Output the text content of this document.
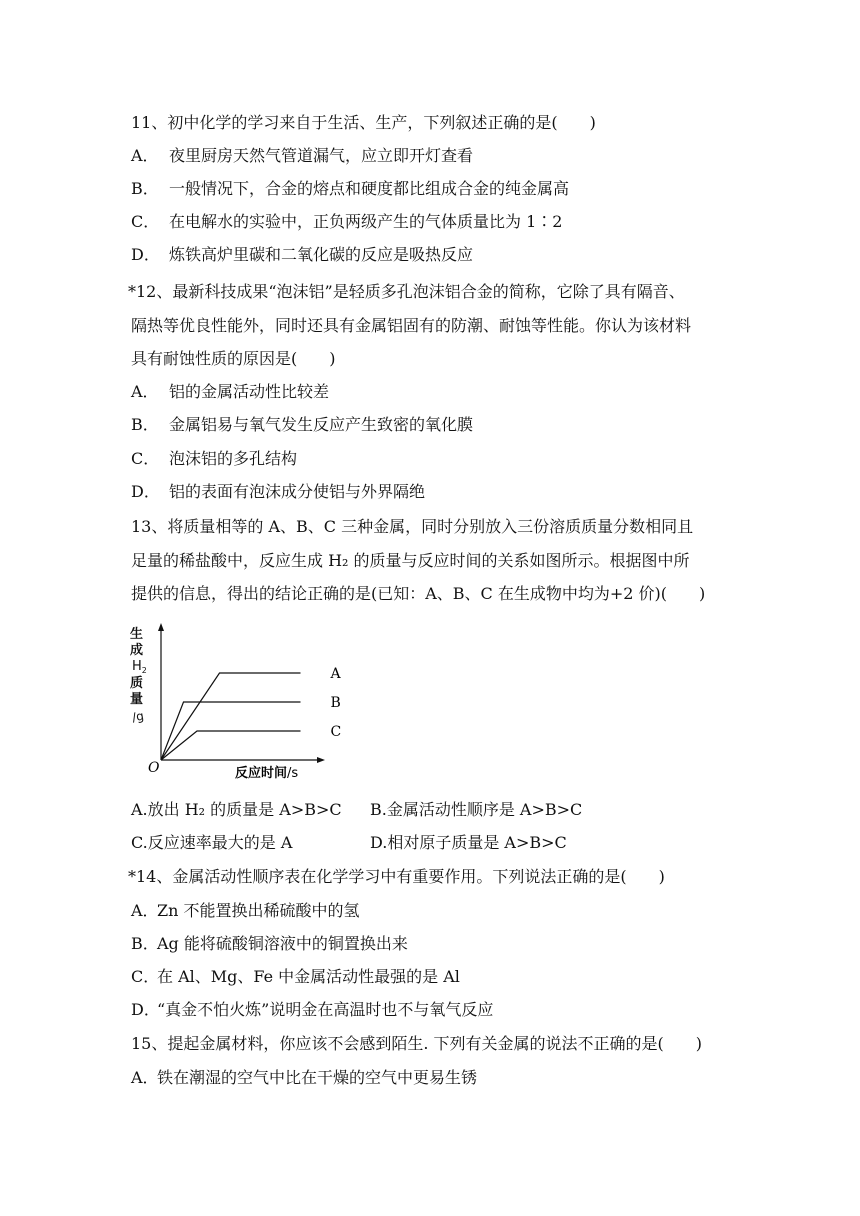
11、初中化学的学习来自于生活、生产，下列叙述正确的是(　　)
A． 夜里厨房天然气管道漏气，应立即开灯查看
B． 一般情况下，合金的熔点和硬度都比组成合金的纯金属高
C． 在电解水的实验中，正负两级产生的气体质量比为 1∶2
D． 炼铁高炉里碳和二氧化碳的反应是吸热反应
*12、最新科技成果“泡沫铝”是轻质多孔泡沫铝合金的简称，它除了具有隔音、
隔热等优良性能外，同时还具有金属铝固有的防潮、耐蚀等性能。你认为该材料
具有耐蚀性质的原因是(　　)
A． 铝的金属活动性比较差
B． 金属铝易与氧气发生反应产生致密的氧化膜
C． 泡沫铝的多孔结构
D． 铝的表面有泡沫成分使铝与外界隔绝
13、将质量相等的 A、B、C 三种金属，同时分别放入三份溶质质量分数相同且
足量的稀盐酸中，反应生成 H₂ 的质量与反应时间的关系如图所示。根据图中所
提供的信息，得出的结论正确的是(已知：A、B、C 在生成物中均为+2 价)(　　)
生
成
$H_2$
质
量
/g
O
A
B
C
反应时间/s
A.放出 H₂ 的质量是 A>B>C B.金属活动性顺序是 A>B>C
C.反应速率最大的是 A	D.相对原子质量是 A>B>C
*14、金属活动性顺序表在化学学习中有重要作用。下列说法正确的是(　　)
A．Zn 不能置换出稀硫酸中的氢
B．Ag 能将硫酸铜溶液中的铜置换出来
C．在 Al、Mg、Fe 中金属活动性最强的是 Al
D．“真金不怕火炼”说明金在高温时也不与氧气反应
15、提起金属材料，你应该不会感到陌生. 下列有关金属的说法不正确的是(　　)
A．铁在潮湿的空气中比在干燥的空气中更易生锈
